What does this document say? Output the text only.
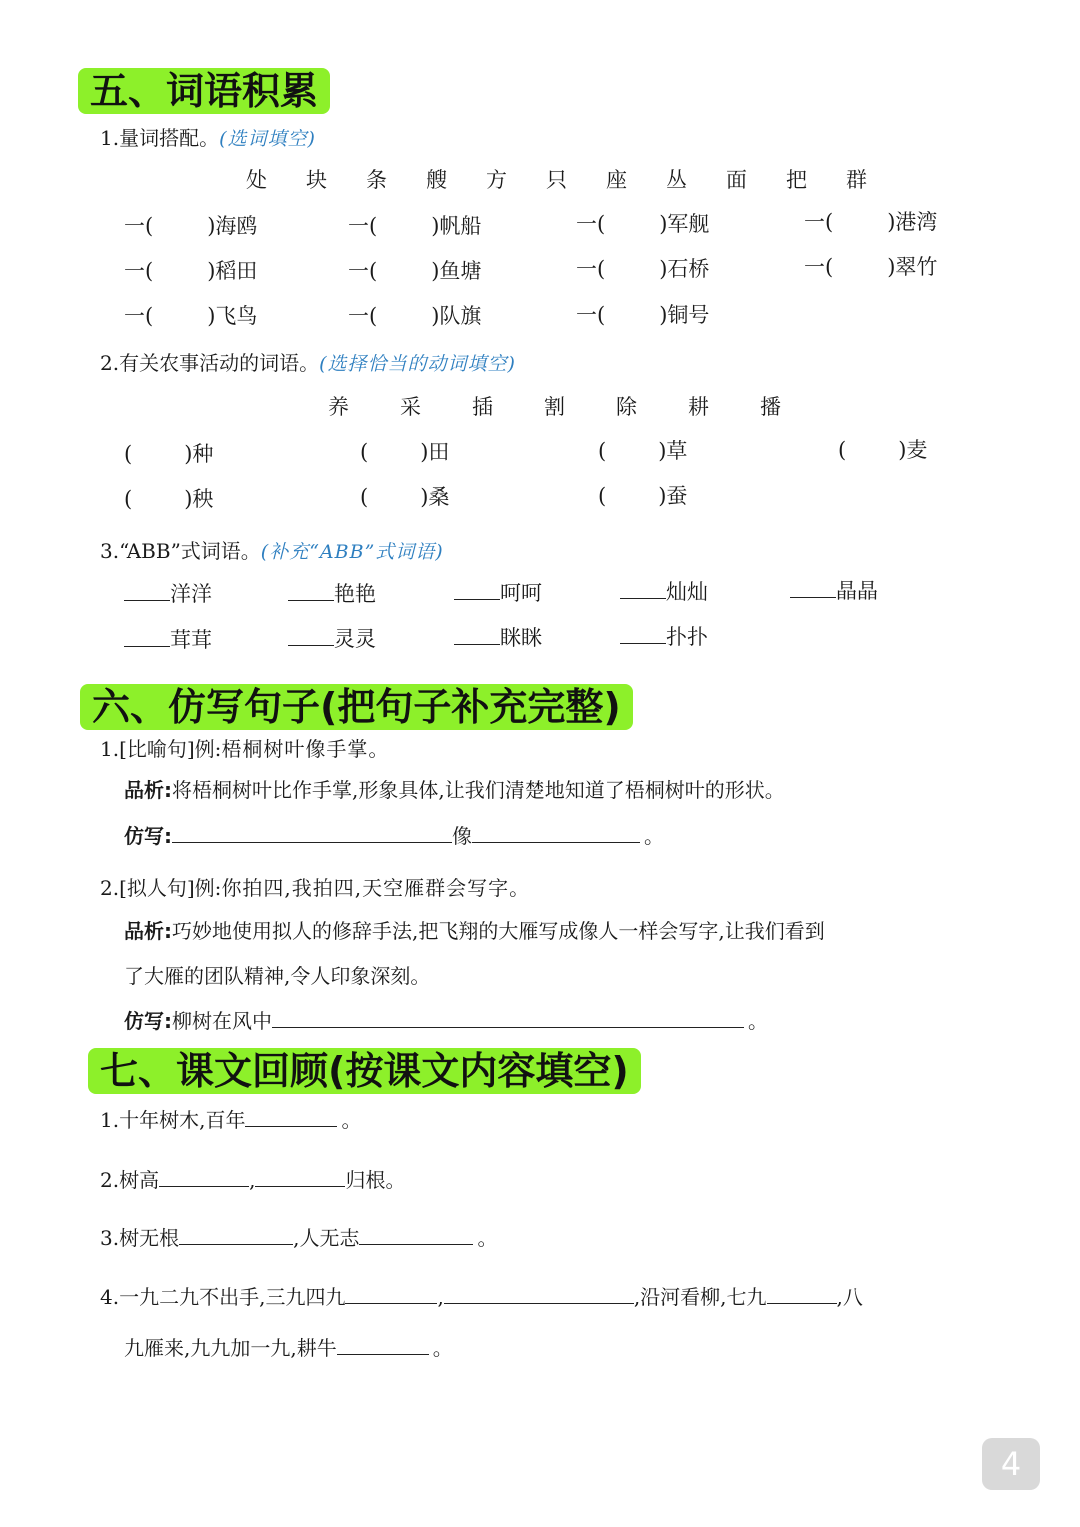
五、词语积累
1.量词搭配。(选词填空)
处 块 条 艘 方 只 座 丛 面 把 群
一(	)海鸥	一(	)帆船	一(	)军舰	一(	)港湾
一(	)稻田	一(	)鱼塘	一(	)石桥	一(	)翠竹
一(	)飞鸟	一(	)队旗	一(	)铜号
2.有关农事活动的词语。(选择恰当的动词填空)
养 采 插 割 除 耕 播
( )种	( )田	( )草	( )麦
( )秧	( )桑	( )蚕
3.“ABB”式词语。(补充“ABB”式词语)
洋洋	艳艳	呵呵	灿灿	晶晶
茸茸	灵灵	眯眯	扑扑
六、仿写句子(把句子补充完整)
1.[比喻句]例:梧桐树叶像手掌。
品析:将梧桐树叶比作手掌,形象具体,让我们清楚地知道了梧桐树叶的形状。
仿写:	像	。
2.[拟人句]例:你拍四,我拍四,天空雁群会写字。
品析:巧妙地使用拟人的修辞手法,把飞翔的大雁写成像人一样会写字,让我们看到
了大雁的团队精神,令人印象深刻。
仿写:柳树在风中	。
七、课文回顾(按课文内容填空)
1.十年树木,百年	。
2.树高	,	归根。
3.树无根	,人无志	。
4.一九二九不出手,三九四九	,	,沿河看柳,七九	,八
九雁来,九九加一九,耕牛	。
4
